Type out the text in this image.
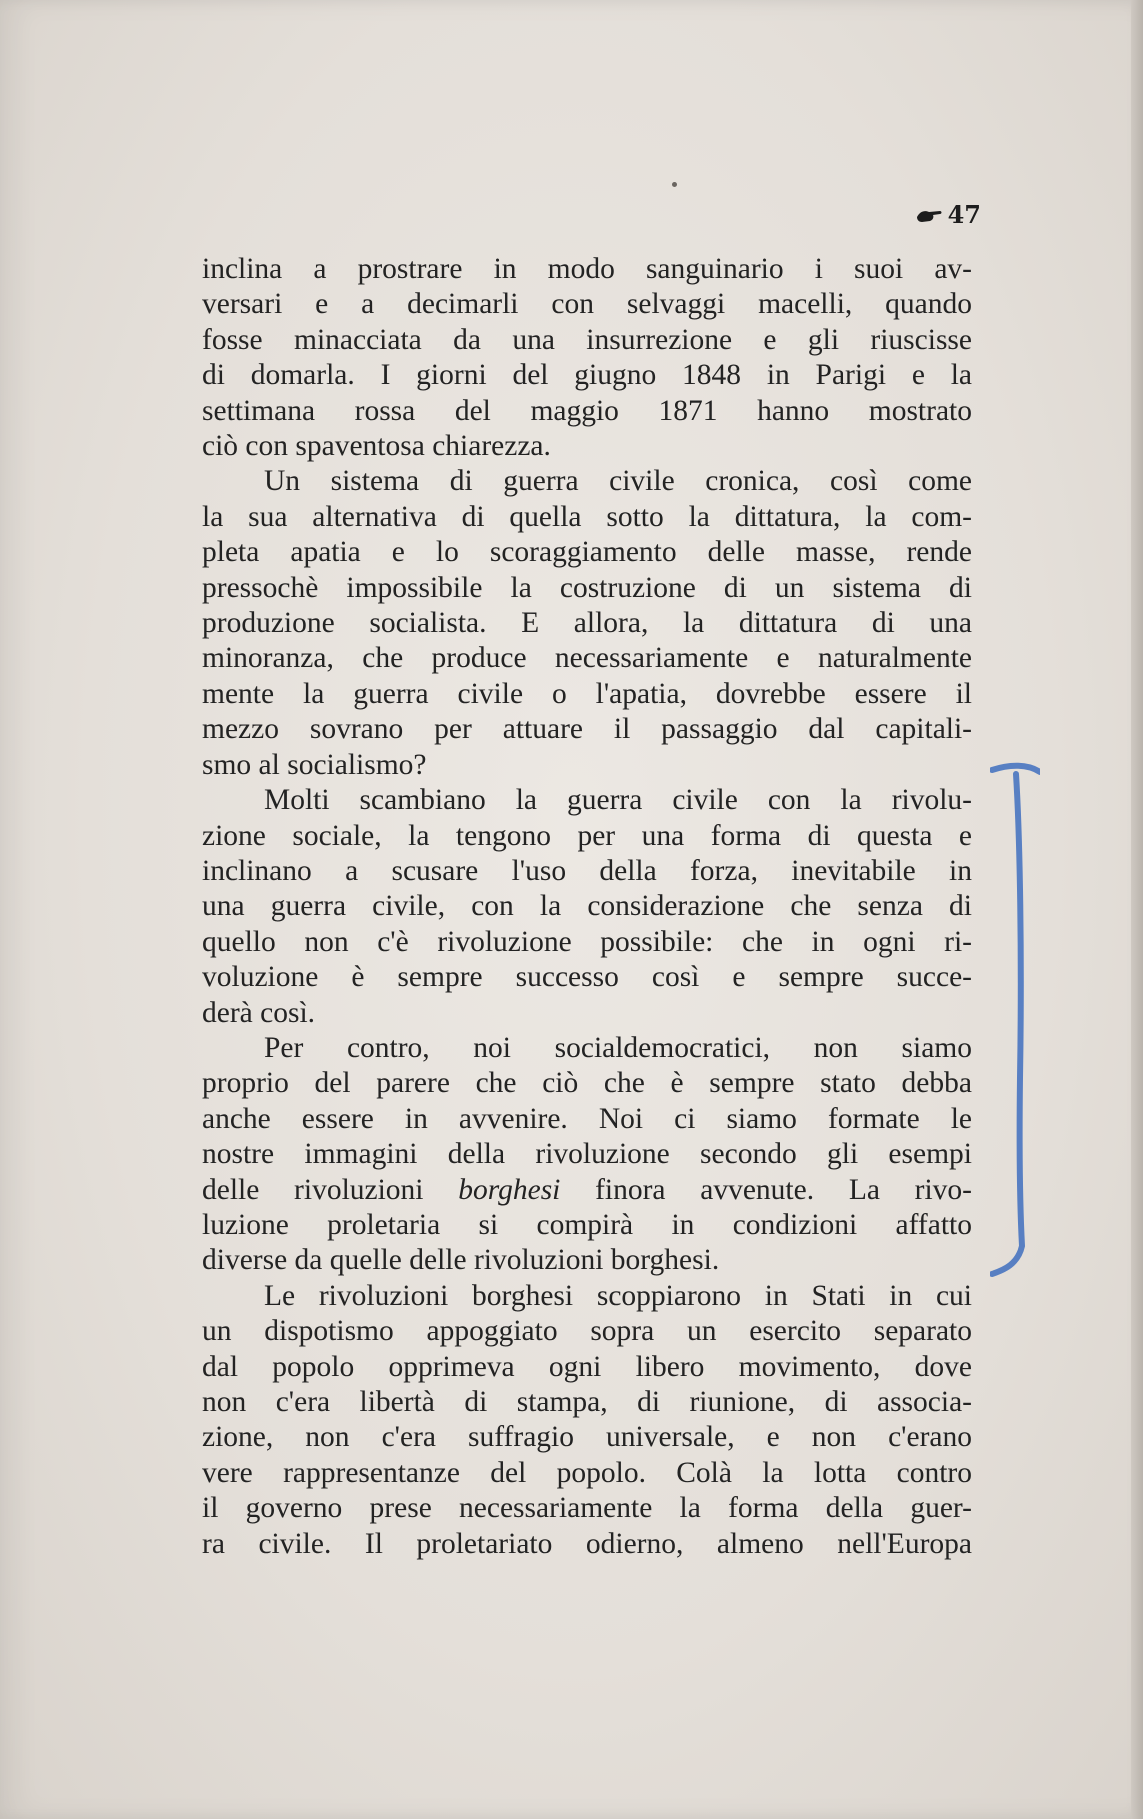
47
inclina a prostrare in modo sanguinario i suoi av-
versari e a decimarli con selvaggi macelli, quando
fosse minacciata da una insurrezione e gli riuscisse
di domarla. I giorni del giugno 1848 in Parigi e la
settimana rossa del maggio 1871 hanno mostrato
ciò con spaventosa chiarezza.
Un sistema di guerra civile cronica, così come
la sua alternativa di quella sotto la dittatura, la com-
pleta apatia e lo scoraggiamento delle masse, rende
pressochè impossibile la costruzione di un sistema di
produzione socialista. E allora, la dittatura di una
minoranza, che produce necessariamente e naturalmente
mente la guerra civile o l'apatia, dovrebbe essere il
mezzo sovrano per attuare il passaggio dal capitali-
smo al socialismo?
Molti scambiano la guerra civile con la rivolu-
zione sociale, la tengono per una forma di questa e
inclinano a scusare l'uso della forza, inevitabile in
una guerra civile, con la considerazione che senza di
quello non c'è rivoluzione possibile: che in ogni ri-
voluzione è sempre successo così e sempre succe-
derà così.
Per contro, noi socialdemocratici, non siamo
proprio del parere che ciò che è sempre stato debba
anche essere in avvenire. Noi ci siamo formate le
nostre immagini della rivoluzione secondo gli esempi
delle rivoluzioni borghesi finora avvenute. La rivo-
luzione proletaria si compirà in condizioni affatto
diverse da quelle delle rivoluzioni borghesi.
Le rivoluzioni borghesi scoppiarono in Stati in cui
un dispotismo appoggiato sopra un esercito separato
dal popolo opprimeva ogni libero movimento, dove
non c'era libertà di stampa, di riunione, di associa-
zione, non c'era suffragio universale, e non c'erano
vere rappresentanze del popolo. Colà la lotta contro
il governo prese necessariamente la forma della guer-
ra civile. Il proletariato odierno, almeno nell'Europa
